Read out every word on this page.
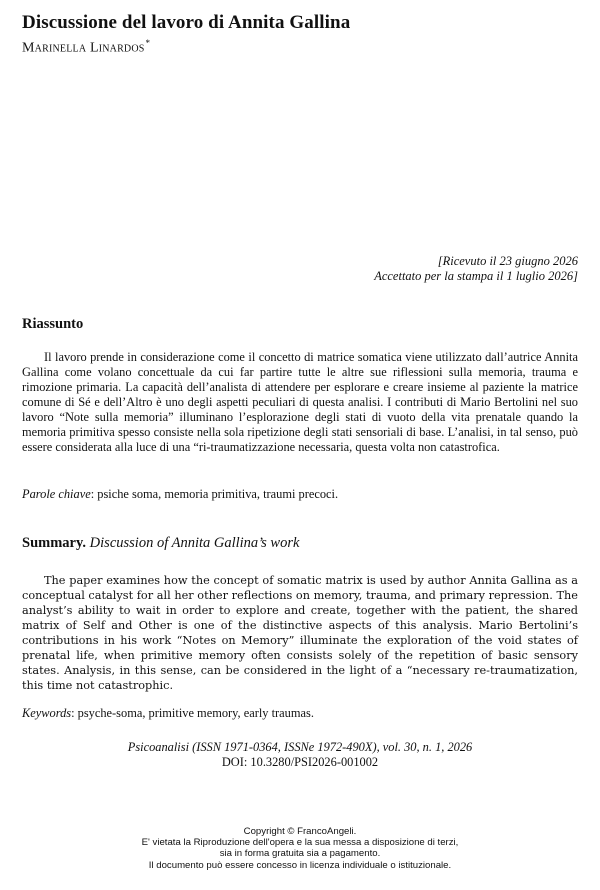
Discussione del lavoro di Annita Gallina
Marinella Linardos*
[Ricevuto il 23 giugno 2026
Accettato per la stampa il 1 luglio 2026]
Riassunto

Il lavoro prende in considerazione come il concetto di matrice somatica viene utilizzato dall’autrice Annita Gallina come volano concettuale da cui far partire tutte le altre sue riflessioni sulla memoria, trauma e rimozione primaria. La capacità dell’analista di attendere per esplorare e creare insieme al paziente la matrice comune di Sé e dell’Altro è uno degli aspetti peculiari di questa analisi. I contributi di Mario Bertolini nel suo lavoro “Note sulla memoria” illuminano l’esplorazione degli stati di vuoto della vita prenatale quando la memoria primitiva spesso consiste nella sola ripetizione degli stati sensoriali di base. L’analisi, in tal senso, può essere considerata alla luce di una “ri-traumatizzazione necessaria, questa volta non catastrofica.

Parole chiave: psiche soma, memoria primitiva, traumi precoci.

Summary. Discussion of Annita Gallina’s work

The paper examines how the concept of somatic matrix is used by author Annita Gallina as a conceptual catalyst for all her other reflections on memory, trauma, and primary repression. The analyst’s ability to wait in order to explore and create, together with the patient, the shared matrix of Self and Other is one of the distinctive aspects of this analysis. Mario Bertolini’s contributions in his work “Notes on Memory” illuminate the exploration of the void states of prenatal life, when primitive memory often consists solely of the repetition of basic sensory states. Analysis, in this sense, can be considered in the light of a “necessary re-traumatization, this time not catastrophic.

Keywords: psyche-soma, primitive memory, early traumas.

Psicoanalisi (ISSN 1971-0364, ISSNe 1972-490X), vol. 30, n. 1, 2026
DOI: 10.3280/PSI2026-001002
Copyright © FrancoAngeli.
E' vietata la Riproduzione dell'opera e la sua messa a disposizione di terzi,
sia in forma gratuita sia a pagamento.
Il documento può essere concesso in licenza individuale o istituzionale.
